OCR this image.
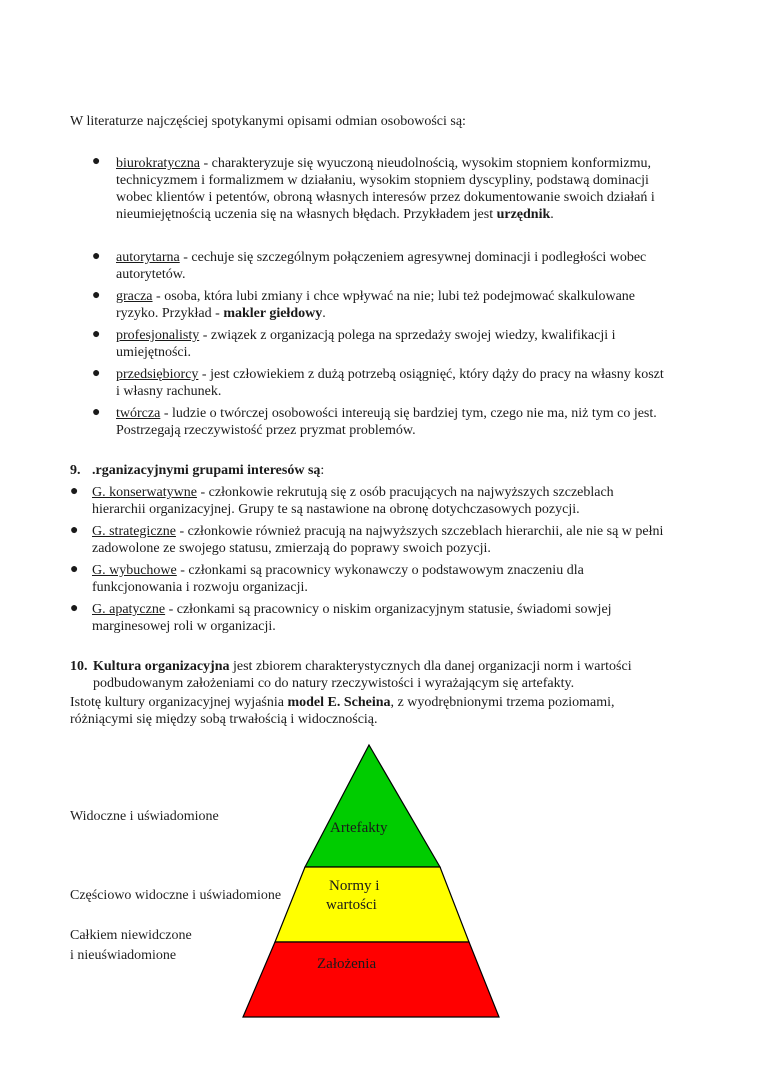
W literaturze najczęściej spotykanymi opisami odmian osobowości są:
● biurokratyczna - charakteryzuje się wyuczoną nieudolnością, wysokim stopniem konformizmu,
technicyzmem i formalizmem w działaniu, wysokim stopniem dyscypliny, podstawą dominacji
wobec klientów i petentów, obroną własnych interesów przez dokumentowanie swoich działań i
nieumiejętnością uczenia się na własnych błędach. Przykładem jest urzędnik.
● autorytarna - cechuje się szczególnym połączeniem agresywnej dominacji i podległości wobec
autorytetów.
● gracza - osoba, która lubi zmiany i chce wpływać na nie; lubi też podejmować skalkulowane
ryzyko. Przykład - makler giełdowy.
● profesjonalisty - związek z organizacją polega na sprzedaży swojej wiedzy, kwalifikacji i
umiejętności.
● przedsiębiorcy - jest człowiekiem z dużą potrzebą osiągnięć, który dąży do pracy na własny koszt
i własny rachunek.
● twórcza - ludzie o twórczej osobowości intereują się bardziej tym, czego nie ma, niż tym co jest.
Postrzegają rzeczywistość przez pryzmat problemów.
9. .rganizacyjnymi grupami interesów są:
● G. konserwatywne - członkowie rekrutują się z osób pracujących na najwyższych szczeblach
hierarchii organizacyjnej. Grupy te są nastawione na obronę dotychczasowych pozycji.
● G. strategiczne - członkowie również pracują na najwyższych szczeblach hierarchii, ale nie są w pełni
zadowolone ze swojego statusu, zmierzają do poprawy swoich pozycji.
● G. wybuchowe - członkami są pracownicy wykonawczy o podstawowym znaczeniu dla
funkcjonowania i rozwoju organizacji.
● G. apatyczne - członkami są pracownicy o niskim organizacyjnym statusie, świadomi sowjej
marginesowej roli w organizacji.
10. Kultura organizacyjna jest zbiorem charakterystycznych dla danej organizacji norm i wartości
podbudowanym założeniami co do natury rzeczywistości i wyrażającym się artefakty.
Istotę kultury organizacyjnej wyjaśnia model E. Scheina, z wyodrębnionymi trzema poziomami,
różniącymi się między sobą trwałością i widocznością.
Widoczne i uświadomione
Częściowo widoczne i uświadomione
Całkiem niewidczone
i nieuświadomione
Artefakty
Normy i
wartości
Założenia
